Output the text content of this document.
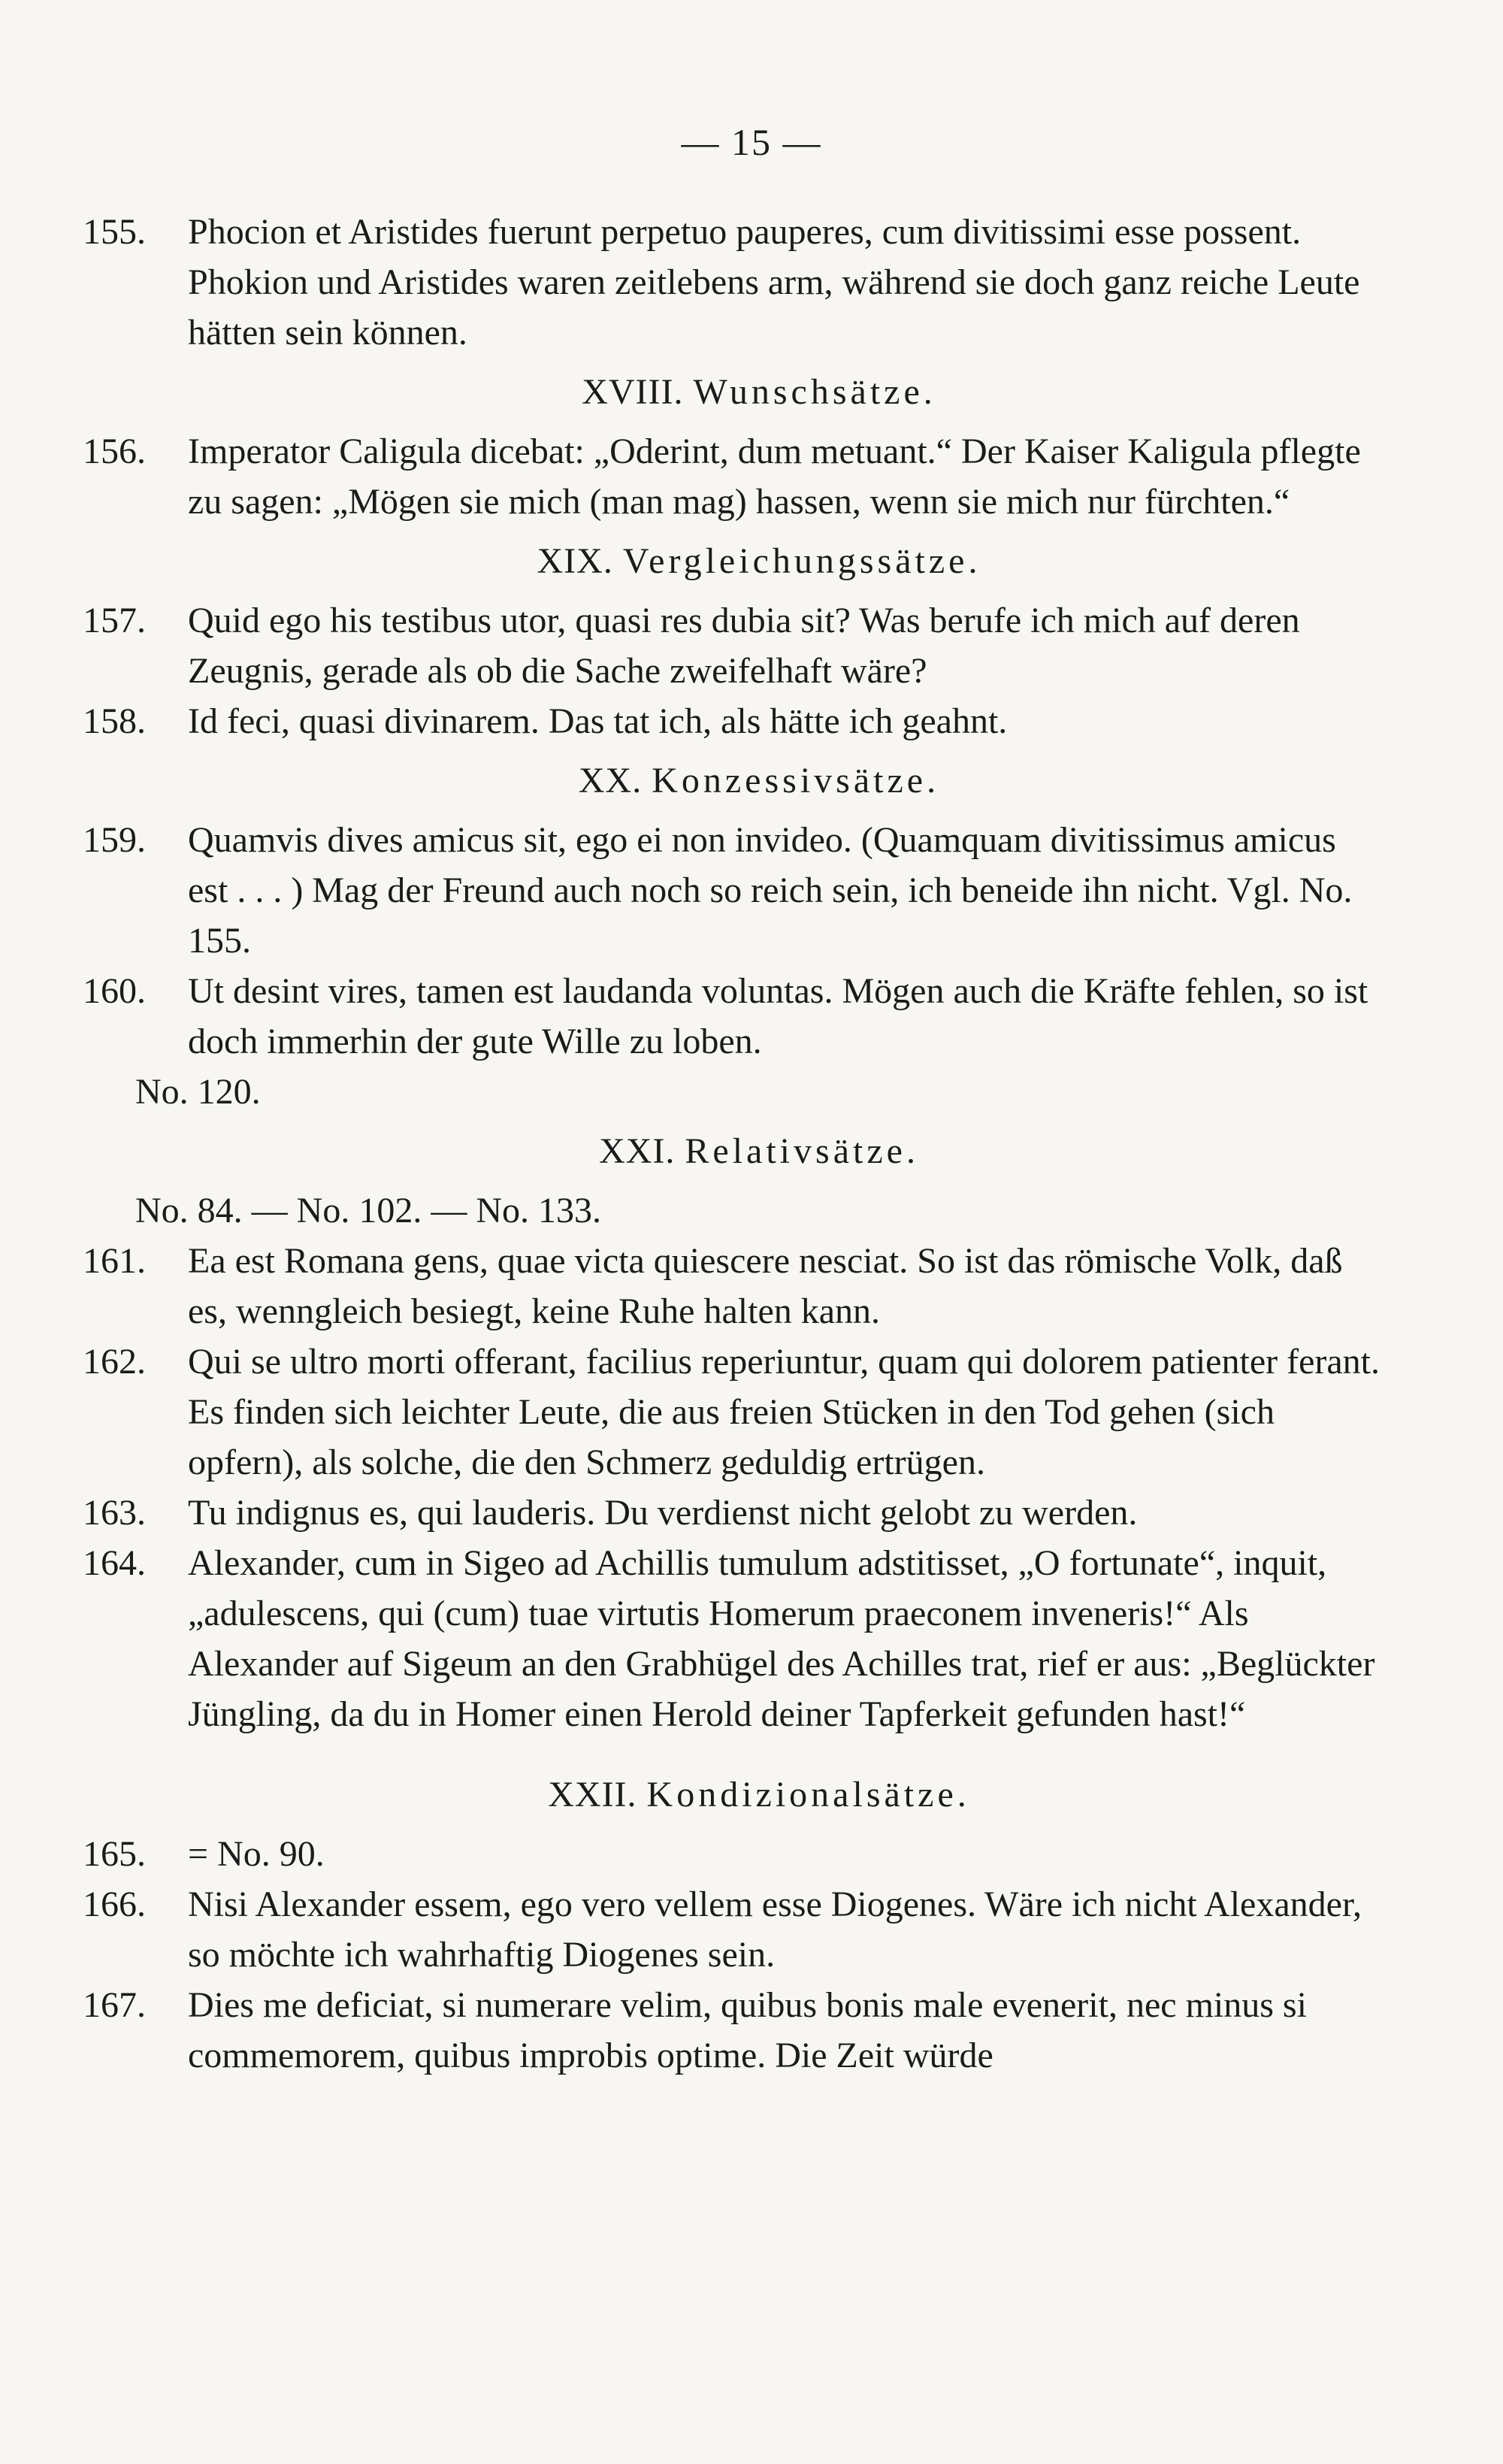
— 15 —

155. Phocion et Aristides fuerunt perpetuo pauperes, cum divitissimi esse possent. Phokion und Aristides waren zeitlebens arm, während sie doch ganz reiche Leute hätten sein können.

XVIII. Wunschsätze.

156. Imperator Caligula dicebat: „Oderint, dum metuant.“ Der Kaiser Kaligula pflegte zu sagen: „Mögen sie mich (man mag) hassen, wenn sie mich nur fürchten.“

XIX. Vergleichungssätze.

157. Quid ego his testibus utor, quasi res dubia sit? Was berufe ich mich auf deren Zeugnis, gerade als ob die Sache zweifelhaft wäre?

158. Id feci, quasi divinarem. Das tat ich, als hätte ich geahnt.

XX. Konzessivsätze.

159. Quamvis dives amicus sit, ego ei non invideo. (Quamquam divitissimus amicus est . . . ) Mag der Freund auch noch so reich sein, ich beneide ihn nicht. Vgl. No. 155.

160. Ut desint vires, tamen est laudanda voluntas. Mögen auch die Kräfte fehlen, so ist doch immerhin der gute Wille zu loben.

No. 120.

XXI. Relativsätze.

No. 84. — No. 102. — No. 133.

161. Ea est Romana gens, quae victa quiescere nesciat. So ist das römische Volk, daß es, wenngleich besiegt, keine Ruhe halten kann.

162. Qui se ultro morti offerant, facilius reperiuntur, quam qui dolorem patienter ferant. Es finden sich leichter Leute, die aus freien Stücken in den Tod gehen (sich opfern), als solche, die den Schmerz geduldig ertrügen.

163. Tu indignus es, qui lauderis. Du verdienst nicht gelobt zu werden.

164. Alexander, cum in Sigeo ad Achillis tumulum adstitisset, „O fortunate“, inquit, „adulescens, qui (cum) tuae virtutis Homerum praeconem inveneris!“ Als Alexander auf Sigeum an den Grabhügel des Achilles trat, rief er aus: „Beglückter Jüngling, da du in Homer einen Herold deiner Tapferkeit gefunden hast!“

XXII. Kondizionalsätze.

165. = No. 90.

166. Nisi Alexander essem, ego vero vellem esse Diogenes. Wäre ich nicht Alexander, so möchte ich wahrhaftig Diogenes sein.

167. Dies me deficiat, si numerare velim, quibus bonis male evenerit, nec minus si commemorem, quibus improbis optime. Die Zeit würde
